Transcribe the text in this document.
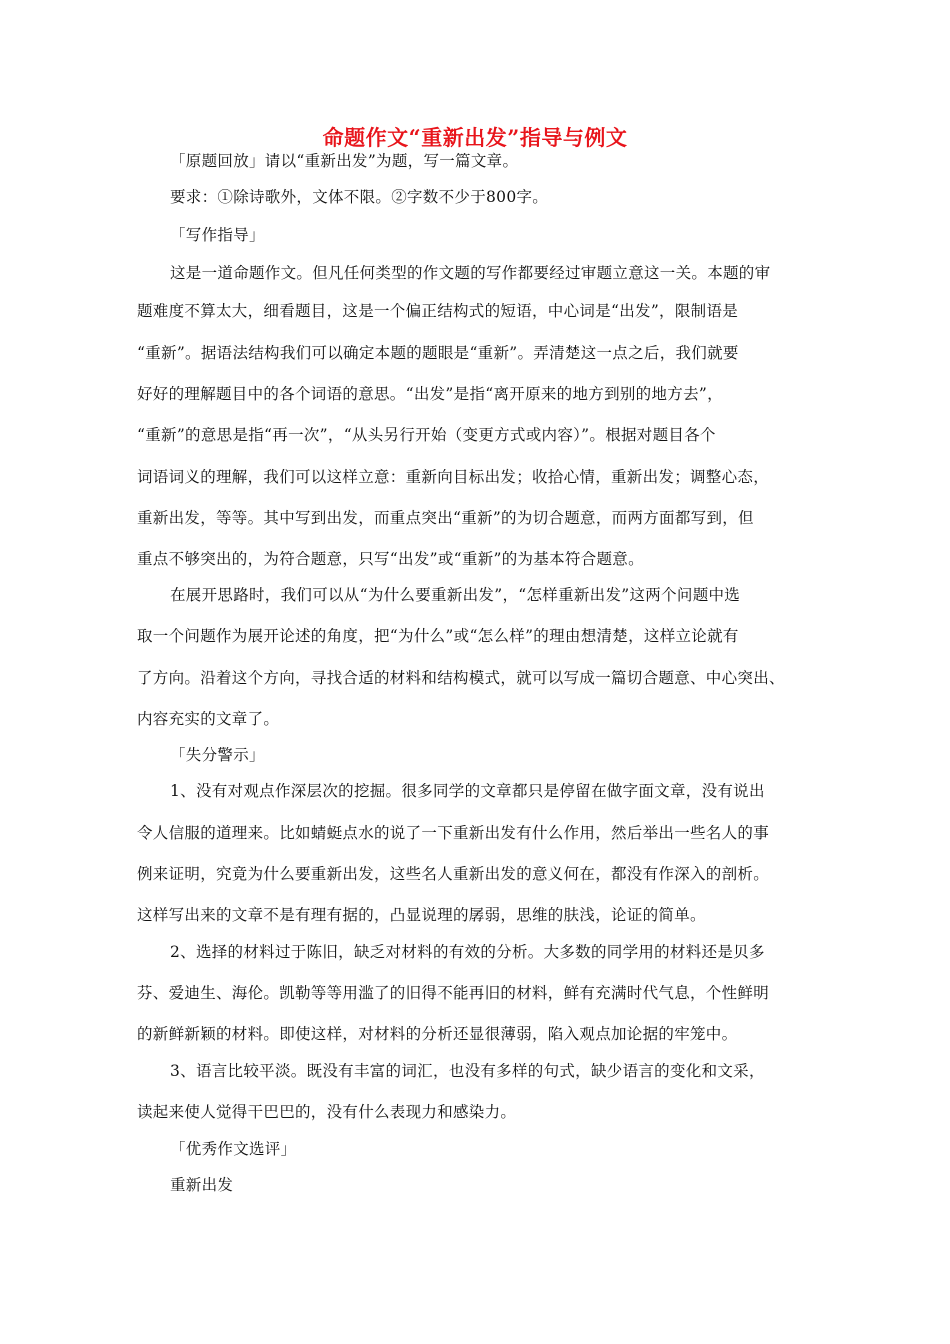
命题作文“重新出发”指导与例文
「原题回放」请以“重新出发”为题，写一篇文章。
要求：①除诗歌外，文体不限。②字数不少于800字。
「写作指导」
这是一道命题作文。但凡任何类型的作文题的写作都要经过审题立意这一关。本题的审
题难度不算太大，细看题目，这是一个偏正结构式的短语，中心词是“出发”，限制语是
“重新”。据语法结构我们可以确定本题的题眼是“重新”。弄清楚这一点之后，我们就要
好好的理解题目中的各个词语的意思。“出发”是指“离开原来的地方到别的地方去”，
“重新”的意思是指“再一次”，“从头另行开始（变更方式或内容）”。根据对题目各个
词语词义的理解，我们可以这样立意：重新向目标出发；收拾心情，重新出发；调整心态，
重新出发，等等。其中写到出发，而重点突出“重新”的为切合题意，而两方面都写到，但
重点不够突出的，为符合题意，只写“出发”或“重新”的为基本符合题意。
在展开思路时，我们可以从“为什么要重新出发”，“怎样重新出发”这两个问题中选
取一个问题作为展开论述的角度，把“为什么”或“怎么样”的理由想清楚，这样立论就有
了方向。沿着这个方向，寻找合适的材料和结构模式，就可以写成一篇切合题意、中心突出、
内容充实的文章了。
「失分警示」
1、没有对观点作深层次的挖掘。很多同学的文章都只是停留在做字面文章，没有说出
令人信服的道理来。比如蜻蜓点水的说了一下重新出发有什么作用，然后举出一些名人的事
例来证明，究竟为什么要重新出发，这些名人重新出发的意义何在，都没有作深入的剖析。
这样写出来的文章不是有理有据的，凸显说理的孱弱，思维的肤浅，论证的简单。
2、选择的材料过于陈旧，缺乏对材料的有效的分析。大多数的同学用的材料还是贝多
芬、爱迪生、海伦。凯勒等等用滥了的旧得不能再旧的材料，鲜有充满时代气息，个性鲜明
的新鲜新颖的材料。即使这样，对材料的分析还显很薄弱，陷入观点加论据的牢笼中。
3、语言比较平淡。既没有丰富的词汇，也没有多样的句式，缺少语言的变化和文采，
读起来使人觉得干巴巴的，没有什么表现力和感染力。
「优秀作文选评」
重新出发
